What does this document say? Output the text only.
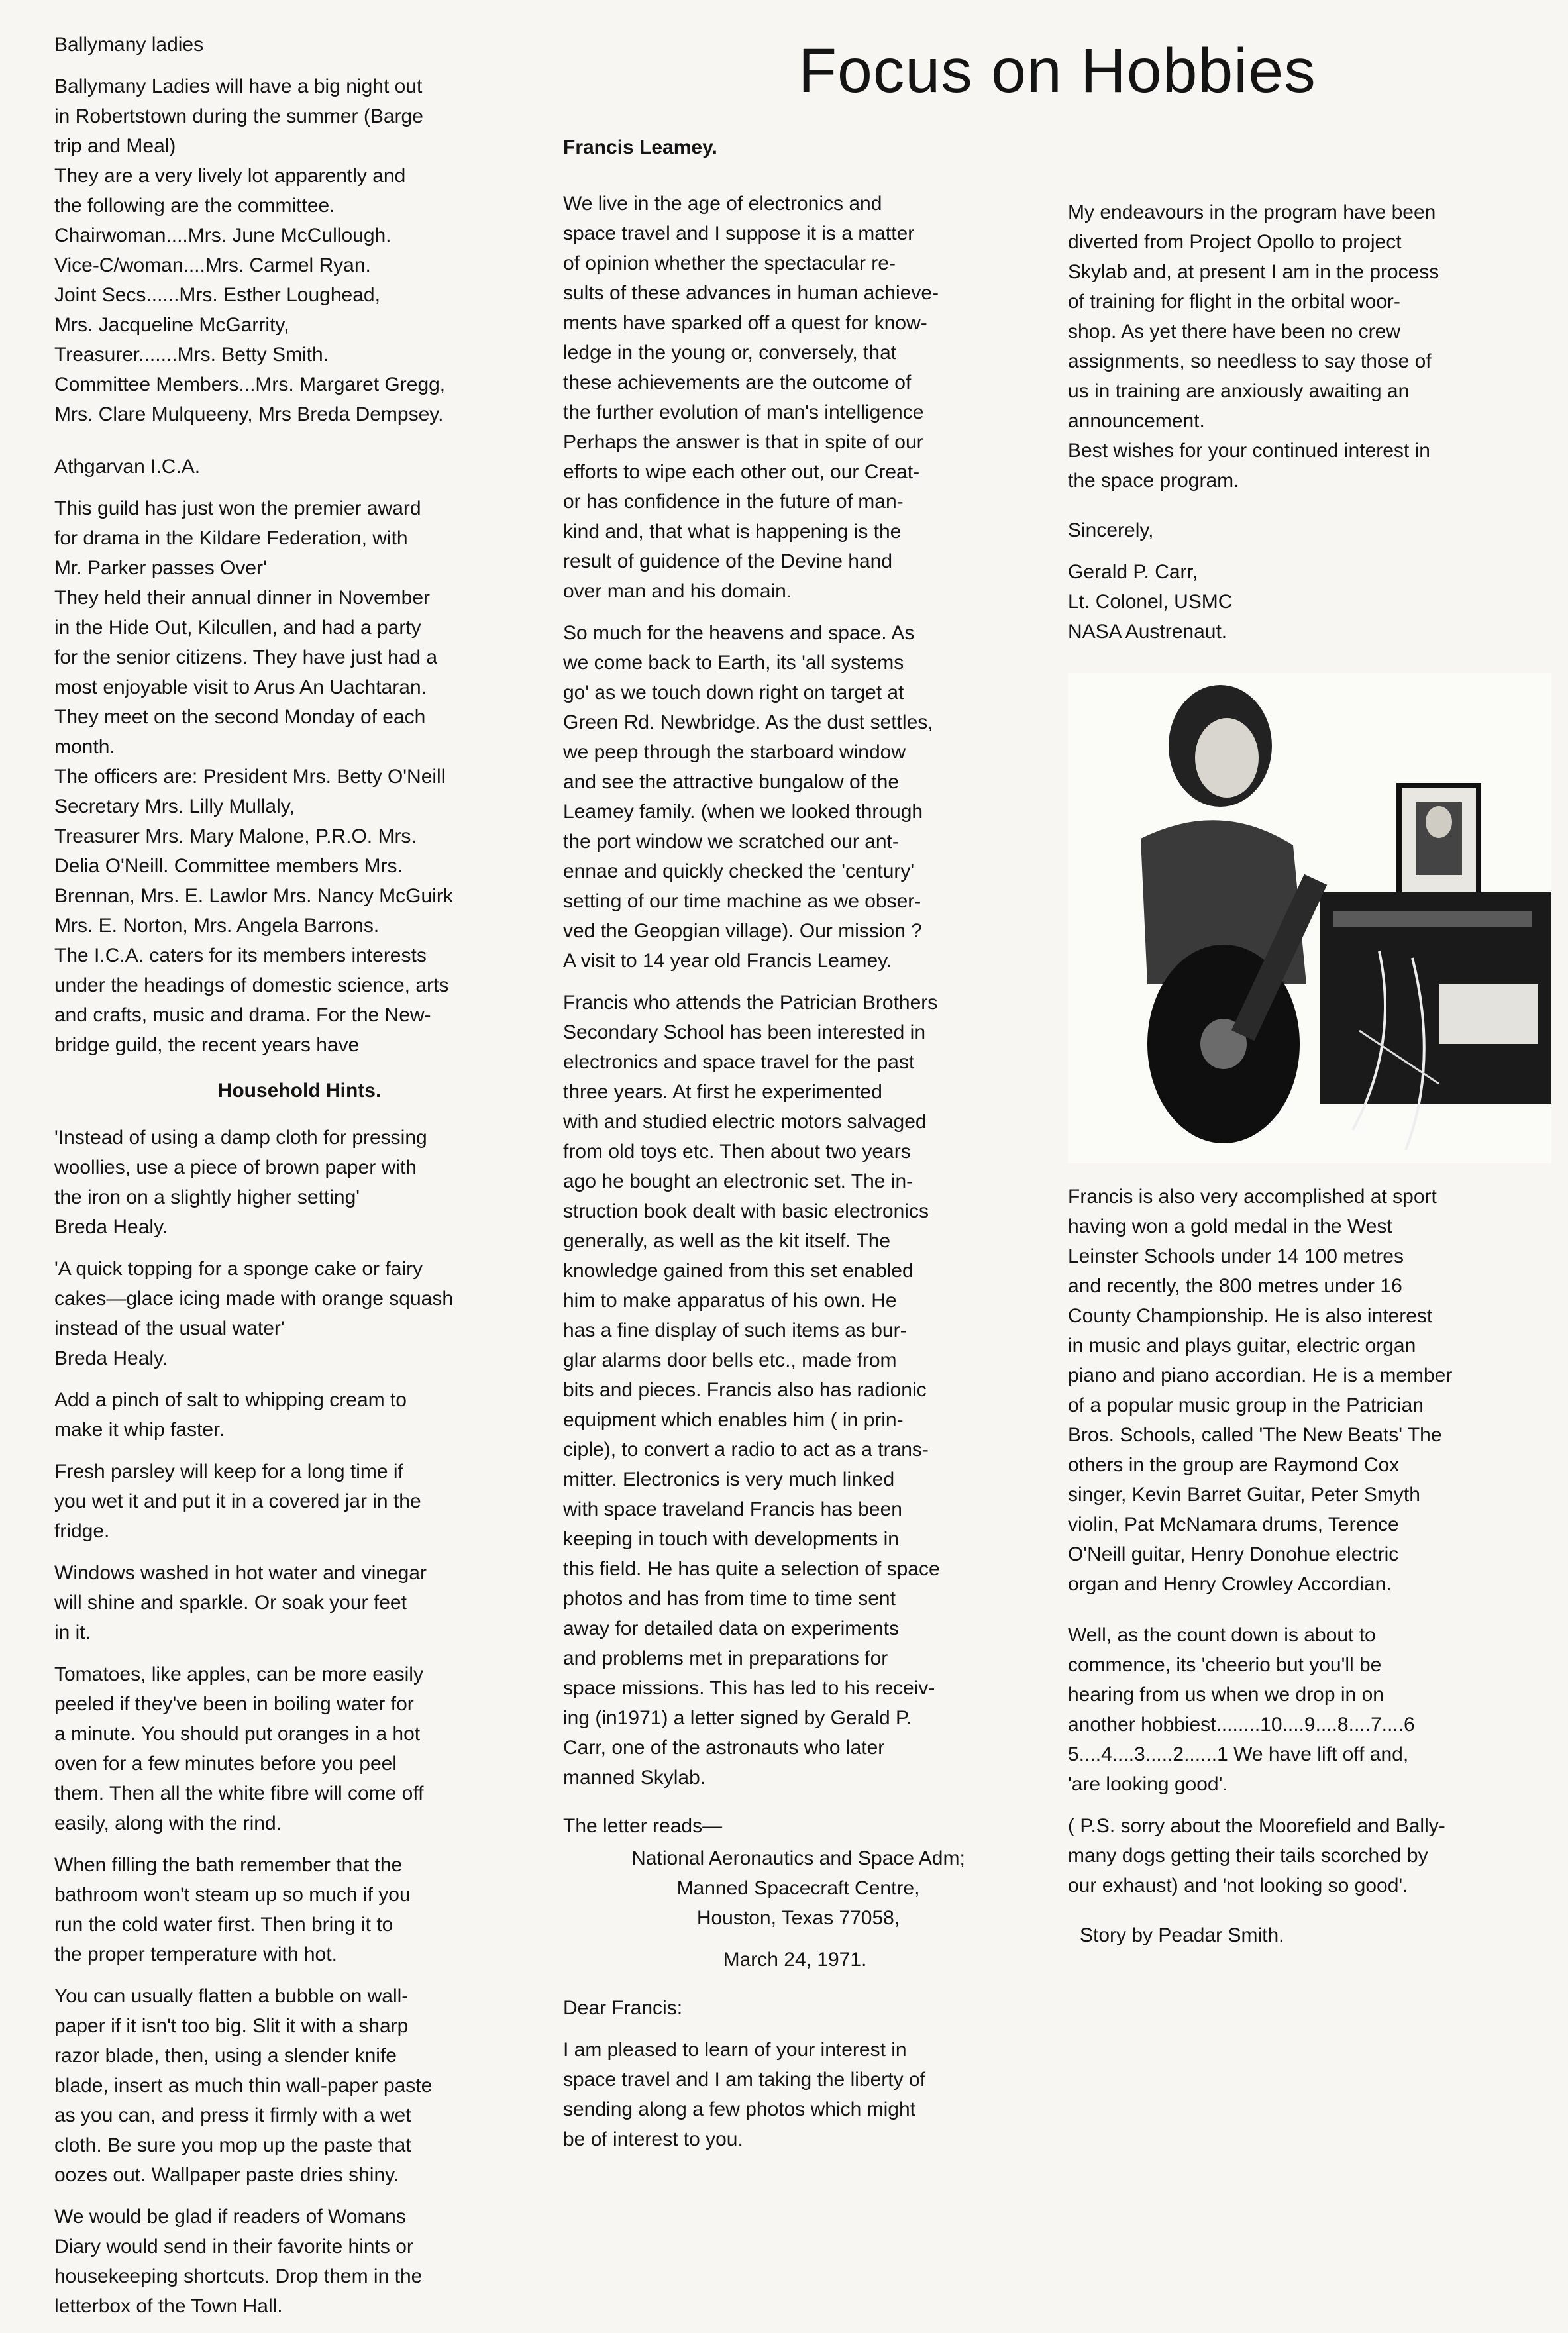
Focus on Hobbies

Ballymany ladies

Ballymany Ladies will have a big night out
in Robertstown during the summer (Barge
trip and Meal)
They are a very lively lot apparently and
the following are the committee.
Chairwoman....Mrs. June McCullough.
Vice-C/woman....Mrs. Carmel Ryan.
Joint Secs......Mrs. Esther Loughead,
Mrs. Jacqueline McGarrity,
Treasurer.......Mrs. Betty Smith.
Committee Members...Mrs. Margaret Gregg,
Mrs. Clare Mulqueeny, Mrs Breda Dempsey.

Athgarvan I.C.A.

This guild has just won the premier award
for drama in the Kildare Federation, with
Mr. Parker passes Over'
They held their annual dinner in November
in the Hide Out, Kilcullen, and had a party
for the senior citizens. They have just had a
most enjoyable visit to Arus An Uachtaran.
They meet on the second Monday of each
month.
The officers are: President Mrs. Betty O'Neill
Secretary Mrs. Lilly Mullaly,
Treasurer Mrs. Mary Malone, P.R.O. Mrs.
Delia O'Neill. Committee members Mrs.
Brennan, Mrs. E. Lawlor Mrs. Nancy McGuirk
Mrs. E. Norton, Mrs. Angela Barrons.
The I.C.A. caters for its members interests
under the headings of domestic science, arts
and crafts, music and drama. For the New-
bridge guild, the recent years have

Household Hints.

'Instead of using a damp cloth for pressing
woollies, use a piece of brown paper with
the iron on a slightly higher setting'
Breda Healy.

'A quick topping for a sponge cake or fairy
cakes—glace icing made with orange squash
instead of the usual water'
Breda Healy.

Add a pinch of salt to whipping cream to
make it whip faster.

Fresh parsley will keep for a long time if
you wet it and put it in a covered jar in the
fridge.

Windows washed in hot water and vinegar
will shine and sparkle. Or soak your feet
in it.

Tomatoes, like apples, can be more easily
peeled if they've been in boiling water for
a minute. You should put oranges in a hot
oven for a few minutes before you peel
them. Then all the white fibre will come off
easily, along with the rind.

When filling the bath remember that the
bathroom won't steam up so much if you
run the cold water first. Then bring it to
the proper temperature with hot.

You can usually flatten a bubble on wall-
paper if it isn't too big. Slit it with a sharp
razor blade, then, using a slender knife
blade, insert as much thin wall-paper paste
as you can, and press it firmly with a wet
cloth. Be sure you mop up the paste that
oozes out. Wallpaper paste dries shiny.

We would be glad if readers of Womans
Diary would send in their favorite hints or
housekeeping shortcuts. Drop them in the
letterbox of the Town Hall.

Francis Leamey.

We live in the age of electronics and
space travel and I suppose it is a matter
of opinion whether the spectacular re-
sults of these advances in human achieve-
ments have sparked off a quest for know-
ledge in the young or, conversely, that
these achievements are the outcome of
the further evolution of man's intelligence
Perhaps the answer is that in spite of our
efforts to wipe each other out, our Creat-
or has confidence in the future of man-
kind and, that what is happening is the
result of guidence of the Devine hand
over man and his domain.

So much for the heavens and space. As
we come back to Earth, its 'all systems
go' as we touch down right on target at
Green Rd. Newbridge. As the dust settles,
we peep through the starboard window
and see the attractive bungalow of the
Leamey family. (when we looked through
the port window we scratched our ant-
ennae and quickly checked the 'century'
setting of our time machine as we obser-
ved the Geopgian village). Our mission ?
A visit to 14 year old Francis Leamey.

Francis who attends the Patrician Brothers
Secondary School has been interested in
electronics and space travel for the past
three years. At first he experimented
with and studied electric motors salvaged
from old toys etc. Then about two years
ago he bought an electronic set. The in-
struction book dealt with basic electronics
generally, as well as the kit itself. The
knowledge gained from this set enabled
him to make apparatus of his own. He
has a fine display of such items as bur-
glar alarms door bells etc., made from
bits and pieces. Francis also has radionic
equipment which enables him ( in prin-
ciple), to convert a radio to act as a trans-
mitter. Electronics is very much linked
with space traveland Francis has been
keeping in touch with developments in
this field. He has quite a selection of space
photos and has from time to time sent
away for detailed data on experiments
and problems met in preparations for
space missions. This has led to his receiv-
ing (in1971) a letter signed by Gerald P.
Carr, one of the astronauts who later
manned Skylab.

The letter reads—

National Aeronautics and Space Adm;
Manned Spacecraft Centre,
Houston, Texas 77058,

March 24, 1971.

Dear Francis:

I am pleased to learn of your interest in
space travel and I am taking the liberty of
sending along a few photos which might
be of interest to you.

My endeavours in the program have been
diverted from Project Opollo to project
Skylab and, at present I am in the process
of training for flight in the orbital woor-
shop. As yet there have been no crew
assignments, so needless to say those of
us in training are anxiously awaiting an
announcement.
Best wishes for your continued interest in
the space program.

Sincerely,

Gerald P. Carr,
Lt. Colonel, USMC
NASA Austrenaut.

Francis is also very accomplished at sport
having won a gold medal in the West
Leinster Schools under 14 100 metres
and recently, the 800 metres under 16
County Championship. He is also interest
in music and plays guitar, electric organ
piano and piano accordian. He is a member
of a popular music group in the Patrician
Bros. Schools, called 'The New Beats' The
others in the group are Raymond Cox
singer, Kevin Barret Guitar, Peter Smyth
violin, Pat McNamara drums, Terence
O'Neill guitar, Henry Donohue electric
organ and Henry Crowley Accordian.

Well, as the count down is about to
commence, its 'cheerio but you'll be
hearing from us when we drop in on
another hobbiest........10....9....8....7....6
5....4....3.....2......1 We have lift off and,
'are looking good'.

( P.S. sorry about the Moorefield and Bally-
many dogs getting their tails scorched by
our exhaust) and 'not looking so good'.

Story by Peadar Smith.
